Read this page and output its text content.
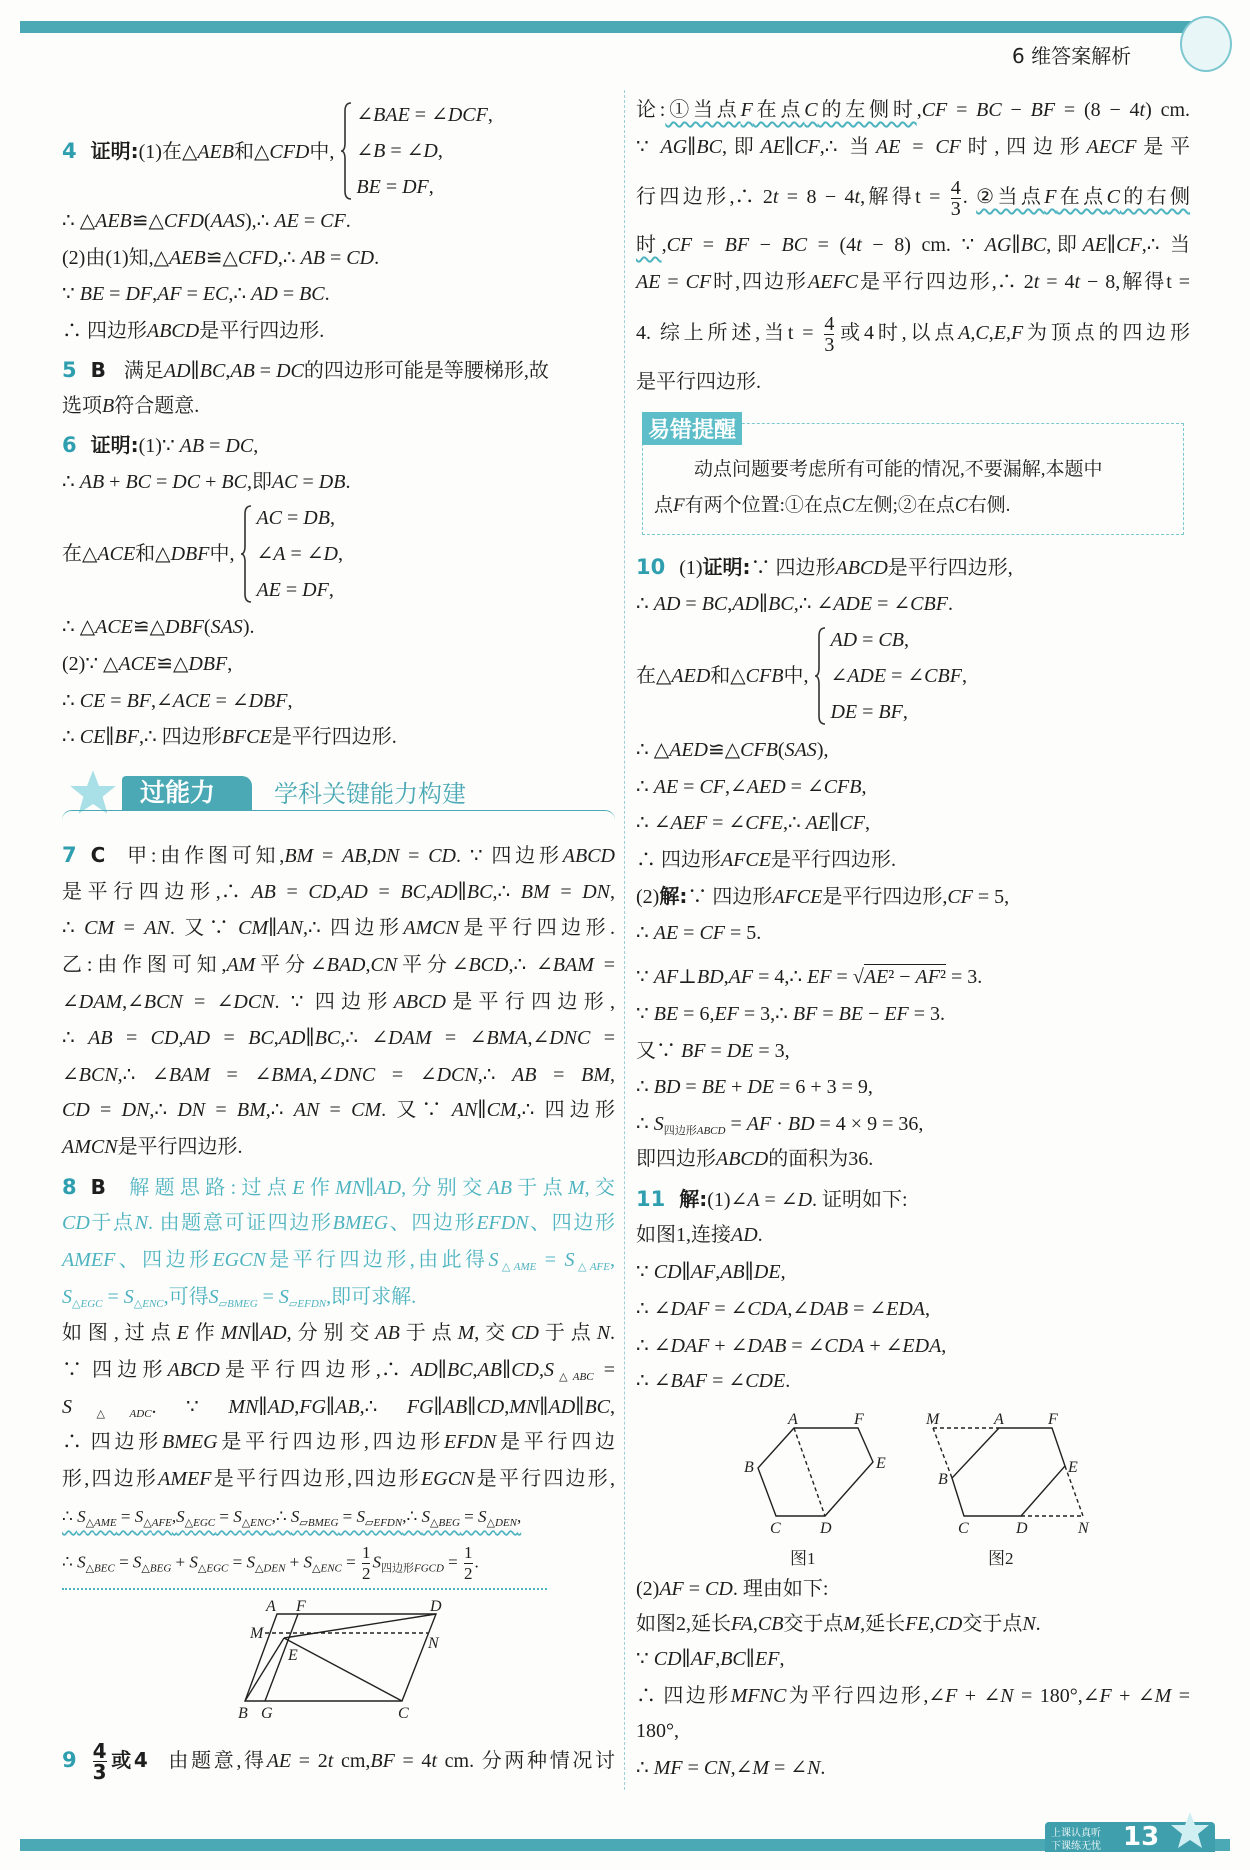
6 维答案解析
上课认真听
下课练无忧 13
4 证明:(1)在△AEB和△CFD中,
∠BAE = ∠DCF,
∠B = ∠D,
BE = DF,
∴ △AEB≌△CFD(AAS),∴ AE = CF.
(2)由(1)知,△AEB≌△CFD,∴ AB = CD.
∵ BE = DF,AF = EC,∴ AD = BC.
∴ 四边形ABCD是平行四边形.
5 B 满足AD∥BC,AB = DC的四边形可能是等腰梯形,故
选项B符合题意.
6 证明:(1)∵ AB = DC,
∴ AB + BC = DC + BC,即AC = DB.
在△ACE和△DBF中,
AC = DB,
∠A = ∠D,
AE = DF,
∴ △ACE≌△DBF(SAS).
(2)∵ △ACE≌△DBF,
∴ CE = BF,∠ACE = ∠DBF,
∴ CE∥BF,∴ 四边形BFCE是平行四边形.
过能力 学科关键能力构建
7 C 甲:由作图可知,BM = AB,DN = CD. ∵ 四边形ABCD
是平行四边形,∴ AB = CD,AD = BC,AD∥BC,∴ BM = DN,
∴ CM = AN. 又∵ CM∥AN,∴ 四边形AMCN是平行四边形.
乙:由作图可知,AM平分∠BAD,CN平分∠BCD,∴ ∠BAM =
∠DAM,∠BCN = ∠DCN. ∵ 四边形ABCD是平行四边形,
∴ AB = CD,AD = BC,AD∥BC,∴ ∠DAM = ∠BMA,∠DNC =
∠BCN,∴ ∠BAM = ∠BMA,∠DNC = ∠DCN,∴ AB = BM,
CD = DN,∴ DN = BM,∴ AN = CM. 又∵ AN∥CM,∴ 四边形
AMCN是平行四边形.
8 B 解题思路:过点E作MN∥AD,分别交AB于点M,交
CD于点N. 由题意可证四边形BMEG、四边形EFDN、四边形
AMEF、四边形EGCN是平行四边形,由此得$S_{\triangle AME} = S_{\triangle AFE}$,
$S_{\triangle EGC} = S_{\triangle ENC}$,可得$S_{▱BMEG} = S_{▱EFDN}$,即可求解.
如图,过点E作MN∥AD,分别交AB于点M,交CD于点N.
∵ 四边形ABCD是平行四边形,∴ $AD\parallel BC,AB\parallel CD,S_{\triangle ABC}$ =
$S_{\triangle ADC}$. ∵ MN∥AD,FG∥AB,∴ FG∥AB∥CD,MN∥AD∥BC,
∴ 四边形BMEG是平行四边形,四边形EFDN是平行四边
形,四边形AMEF是平行四边形,四边形EGCN是平行四边形,
∴ $S_{\triangle AME} = S_{\triangle AFE},S_{\triangle EGC}$ = $S_{\triangle ENC},\therefore$ $S_{▱BMEG}$ = $S_{▱EFDN},\therefore$ $S_{\triangle BEG} = S_{\triangle DEN}$,
∴ $S_{\triangle BEC} = S_{\triangle BEG} + S_{\triangle EGC} = S_{\triangle DEN} + S_{\triangle ENC} = \frac{1}{2} S_{四边形FGCD} = \frac{1}{2}$ .
A F	D
M
N
E
B G	C
$9 \frac{4}{3}$ 或4 由题意,得AE = 2t cm,BF = 4t cm. 分两种情况讨
论:①当点F在点C的左侧时,CF = BC − BF = (8 − 4t) cm.
∵ AG∥BC,即AE∥CF,∴ 当AE = CF时,四边形AECF是平
行四边形,∴ 2t = 8 − 4t,解得$t = \frac{4}{3}$ . ②当点F在点C的右侧
时,CF = BF − BC = (4t − 8) cm. ∵ AG∥BC,即AE∥CF,∴ 当
AE = CF时,四边形AEFC是平行四边形,∴ 2t = 4t − 8,解得t =
4. 综上所述,当$t = \frac{4}{3}$ 或4时,以点A,C,E,F为顶点的四边形
是平行四边形.
易错提醒
动点问题要考虑所有可能的情况,不要漏解,本题中
点F有两个位置:①在点C左侧;②在点C右侧.
10 (1)证明:∵ 四边形ABCD是平行四边形,
∴ AD = BC,AD∥BC,∴ ∠ADE = ∠CBF.
在△AED和△CFB中,
AD = CB,
∠ADE = ∠CBF,
DE = BF,
∴ △AED≌△CFB(SAS),
∴ AE = CF,∠AED = ∠CFB,
∴ ∠AEF = ∠CFE,∴ AE∥CF,
∴ 四边形AFCE是平行四边形.
(2)解:∵ 四边形AFCE是平行四边形,CF = 5,
∴ AE = CF = 5.
∵ AF⊥BD,AF = 4,∴ EF = √AE² − AF² = 3.
∵ BE = 6,EF = 3,∴ BF = BE − EF = 3.
又∵ BF = DE = 3,
∴ BD = BE + DE = 6 + 3 = 9,
∴ $S_{四边形ABCD}$ = AF · BD = 4 × 9 = 36,
即四边形ABCD的面积为36.
11 解:(1)∠A = ∠D. 证明如下:
如图1,连接AD.
∵ CD∥AF,AB∥DE,
∴ ∠DAF = ∠CDA,∠DAB = ∠EDA,
∴ ∠DAF + ∠DAB = ∠CDA + ∠EDA,
∴ ∠BAF = ∠CDE.
A	F
E
B
C D
M	A	F
E
B
C	D	N
图1	图2
(2)AF = CD. 理由如下:
如图2,延长FA,CB交于点M,延长FE,CD交于点N.
∵ CD∥AF,BC∥EF,
∴ 四边形MFNC为平行四边形,∠F + ∠N = 180°,∠F + ∠M =
180°,
∴ MF = CN,∠M = ∠N.
